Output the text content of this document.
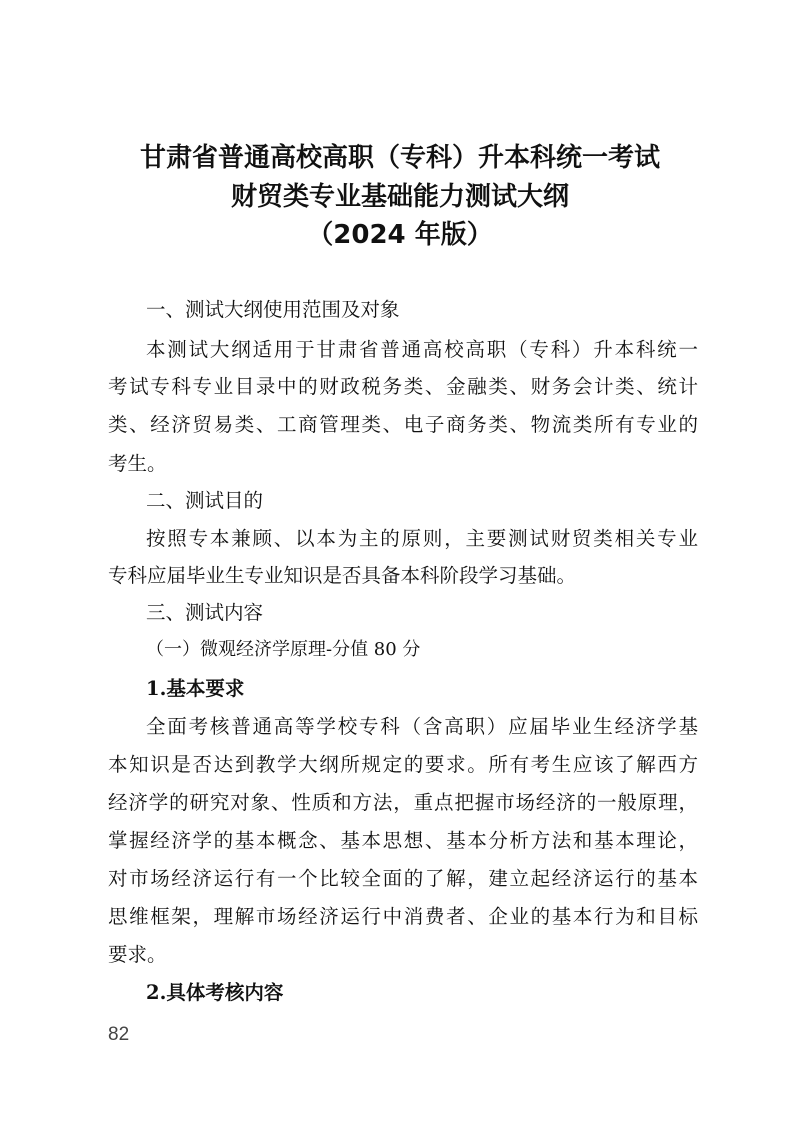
甘肃省普通高校高职（专科）升本科统一考试
财贸类专业基础能力测试大纲
（2024 年版）
一、测试大纲使用范围及对象
本测试大纲适用于甘肃省普通高校高职（专科）升本科统一
考试专科专业目录中的财政税务类、金融类、财务会计类、统计
类、经济贸易类、工商管理类、电子商务类、物流类所有专业的
考生。
二、测试目的
按照专本兼顾、以本为主的原则，主要测试财贸类相关专业
专科应届毕业生专业知识是否具备本科阶段学习基础。
三、测试内容
（一）微观经济学原理-分值 80 分
1.基本要求
全面考核普通高等学校专科（含高职）应届毕业生经济学基
本知识是否达到教学大纲所规定的要求。所有考生应该了解西方
经济学的研究对象、性质和方法，重点把握市场经济的一般原理，
掌握经济学的基本概念、基本思想、基本分析方法和基本理论，
对市场经济运行有一个比较全面的了解，建立起经济运行的基本
思维框架，理解市场经济运行中消费者、企业的基本行为和目标
要求。
2.具体考核内容
82
